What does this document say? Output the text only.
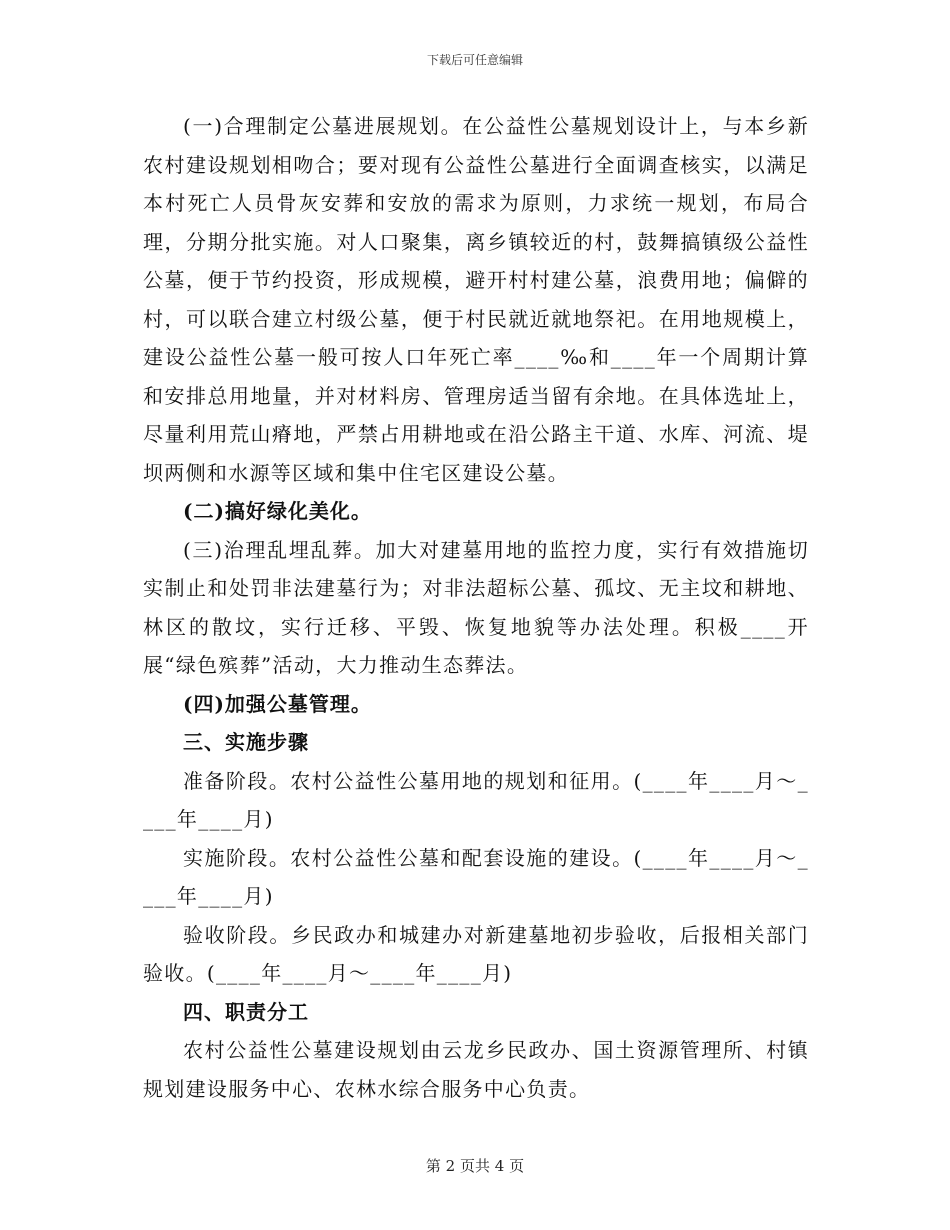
下载后可任意编辑

(一)合理制定公墓进展规划。在公益性公墓规划设计上，与本乡新农村建设规划相吻合；要对现有公益性公墓进行全面调查核实，以满足本村死亡人员骨灰安葬和安放的需求为原则，力求统一规划，布局合理，分期分批实施。对人口聚集，离乡镇较近的村，鼓舞搞镇级公益性公墓，便于节约投资，形成规模，避开村村建公墓，浪费用地；偏僻的村，可以联合建立村级公墓，便于村民就近就地祭祀。在用地规模上，建设公益性公墓一般可按人口年死亡率____‰和____年一个周期计算和安排总用地量，并对材料房、管理房适当留有余地。在具体选址上，尽量利用荒山瘠地，严禁占用耕地或在沿公路主干道、水库、河流、堤坝两侧和水源等区域和集中住宅区建设公墓。

(二)搞好绿化美化。

(三)治理乱埋乱葬。加大对建墓用地的监控力度，实行有效措施切实制止和处罚非法建墓行为；对非法超标公墓、孤坟、无主坟和耕地、林区的散坟，实行迁移、平毁、恢复地貌等办法处理。积极____开展“绿色殡葬”活动，大力推动生态葬法。

(四)加强公墓管理。

三、实施步骤

准备阶段。农村公益性公墓用地的规划和征用。(____年____月～____年____月)

实施阶段。农村公益性公墓和配套设施的建设。(____年____月～____年____月)

验收阶段。乡民政办和城建办对新建墓地初步验收，后报相关部门验收。(____年____月～____年____月)

四、职责分工

农村公益性公墓建设规划由云龙乡民政办、国土资源管理所、村镇规划建设服务中心、农林水综合服务中心负责。

第 2 页共 4 页
